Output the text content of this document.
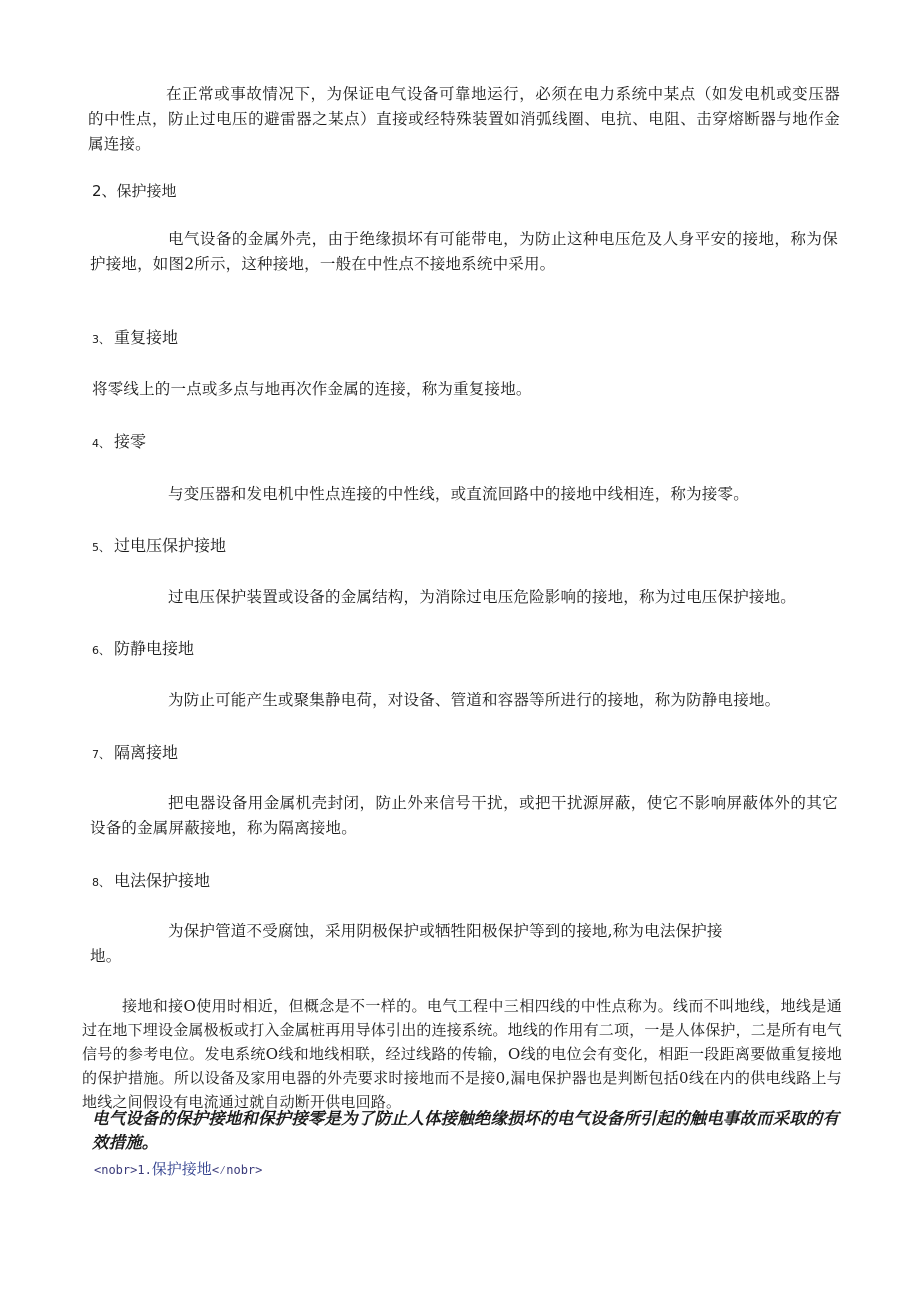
在正常或事故情况下，为保证电气设备可靠地运行，必须在电力系统中某点（如发电机或变压器的中性点，防止过电压的避雷器之某点）直接或经特殊装置如消弧线圈、电抗、电阻、击穿熔断器与地作金属连接。

2、保护接地

电气设备的金属外壳，由于绝缘损坏有可能带电，为防止这种电压危及人身平安的接地，称为保护接地，如图2所示，这种接地，一般在中性点不接地系统中采用。

3、 重复接地

将零线上的一点或多点与地再次作金属的连接，称为重复接地。

4、 接零

与变压器和发电机中性点连接的中性线，或直流回路中的接地中线相连，称为接零。

5、 过电压保护接地

过电压保护装置或设备的金属结构，为消除过电压危险影响的接地，称为过电压保护接地。

6、 防静电接地

为防止可能产生或聚集静电荷，对设备、管道和容器等所进行的接地，称为防静电接地。

7、 隔离接地

把电器设备用金属机壳封闭，防止外来信号干扰，或把干扰源屏蔽，使它不影响屏蔽体外的其它设备的金属屏蔽接地，称为隔离接地。

8、 电法保护接地

为保护管道不受腐蚀，采用阴极保护或牺牲阳极保护等到的接地,称为电法保护接

地。

接地和接O使用时相近，但概念是不一样的。电气工程中三相四线的中性点称为。线而不叫地线，地线是通过在地下埋设金属极板或打入金属桩再用导体引出的连接系统。地线的作用有二项，一是人体保护，二是所有电气信号的参考电位。发电系统O线和地线相联，经过线路的传输，O线的电位会有变化，相距一段距离要做重复接地的保护措施。所以设备及家用电器的外壳要求时接地而不是接0,漏电保护器也是判断包括0线在内的供电线路上与地线之间假设有电流通过就自动断开供电回路。

电气设备的保护接地和保护接零是为了防止人体接触绝缘损坏的电气设备所引起的触电事故而采取的有效措施。
<nobr>1.保护接地<⁄nobr>
